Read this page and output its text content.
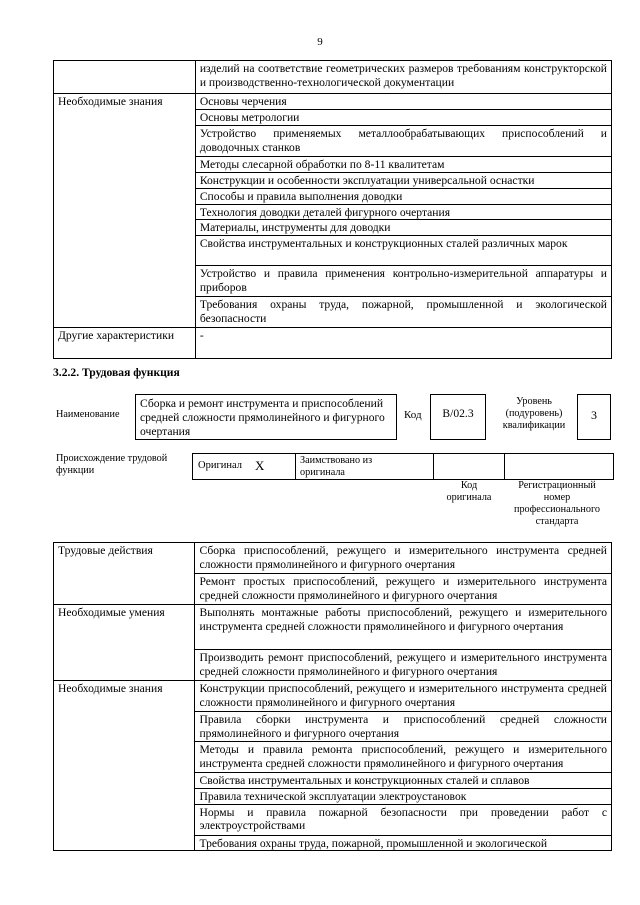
9
	изделий на соответствие геометрических размеров требованиям конструкторской и производственно-технологической документации
Необходимые знания	Основы черчения
	Основы метрологии
	Устройство применяемых металлообрабатывающих приспособлений и доводочных станков
	Методы слесарной обработки по 8-11 квалитетам
	Конструкции и особенности эксплуатации универсальной оснастки
	Способы и правила выполнения доводки
	Технология доводки деталей фигурного очертания
	Материалы, инструменты для доводки
	Свойства инструментальных и конструкционных сталей различных марок
	Устройство и правила применения контрольно-измерительной аппаратуры и приборов
	Требования охраны труда, пожарной, промышленной и экологической безопасности
Другие характеристики	-
3.2.2. Трудовая функция
Наименование
Сборка и ремонт инструмента и приспособлений средней сложности прямолинейного и фигурного очертания
Код	B/02.3
Уровень (подуровень) квалификации
3
Происхождение трудовой функции	Оригинал X	Заимствовано из оригинала
Код оригинала
Регистрационный номер профессионального стандарта
Трудовые действия	Сборка приспособлений, режущего и измерительного инструмента средней сложности прямолинейного и фигурного очертания
	Ремонт простых приспособлений, режущего и измерительного инструмента средней сложности прямолинейного и фигурного очертания
Необходимые умения	Выполнять монтажные работы приспособлений, режущего и измерительного инструмента средней сложности прямолинейного и фигурного очертания
	Производить ремонт приспособлений, режущего и измерительного инструмента средней сложности прямолинейного и фигурного очертания
Необходимые знания	Конструкции приспособлений, режущего и измерительного инструмента средней сложности прямолинейного и фигурного очертания
	Правила сборки инструмента и приспособлений средней сложности прямолинейного и фигурного очертания
	Методы и правила ремонта приспособлений, режущего и измерительного инструмента средней сложности прямолинейного и фигурного очертания
	Свойства инструментальных и конструкционных сталей и сплавов
	Правила технической эксплуатации электроустановок
	Нормы и правила пожарной безопасности при проведении работ с электроустройствами
	Требования охраны труда, пожарной, промышленной и экологической
